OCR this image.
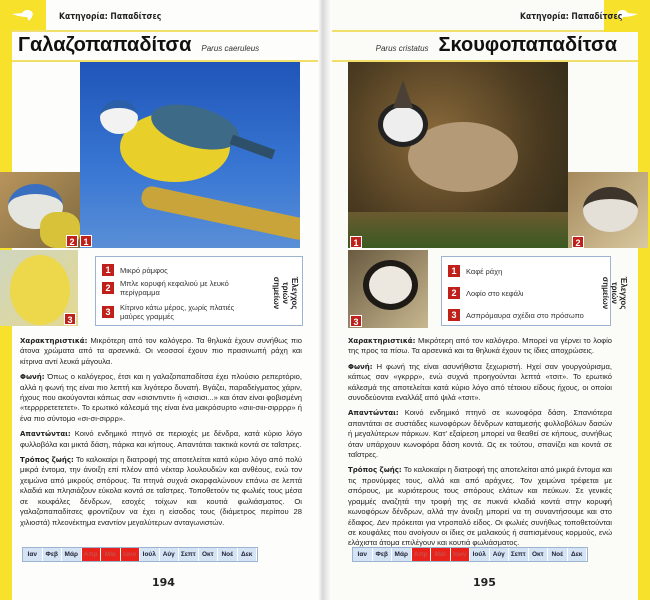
Κατηγορία: Παπαδίτσες
Γαλαζοπαπαδίτσα Parus caeruleus
2 1
3
1	Μικρό ράμφος
2	Μπλε κορυφή κεφαλιού με λευκό περίγραμμα
3	Κίτρινο κάτω μέρος, χωρίς πλατιές μαύρες γραμμές
Έλεγχος τριών σημείων

Χαρακτηριστικά: Μικρότερη από τον καλόγερο. Τα θηλυκά έχουν συνήθως πιο άτονα χρώματα από τα αρσενικά. Οι νεοσσοί έχουν πιο πρασινωπή ράχη και κίτρινα αντί λευκά μάγουλα.

Φωνή: Όπως ο καλόγερος, έτσι και η γαλαζοπαπαδίτσα έχει πλούσιο ρεπερτόριο, αλλά η φωνή της είναι πιο λεπτή και λιγότερο δυνατή. Βγάζει, παραδείγματος χάριν, ήχους που ακούγονται κάπως σαν «σισιντιντι» ή «σισισι...» και όταν είναι φοβισμένη «τερρρρετετετετ». Το ερωτικό κάλεσμά της είναι ένα μακρόσυρτο «σιιι-σιιι-σιρρρρ» ή ένα πιο σύντομο «σι-σι-σιρρρ».

Απαντώνται: Κοινό ενδημικό πτηνό σε περιοχές με δένδρα, κατά κύριο λόγο φυλλοβόλα και μικτά δάση, πάρκα και κήπους. Απαντάται τακτικά κοντά σε ταΐστρες.

Τρόπος ζωής: Το καλοκαίρι η διατροφή της αποτελείται κατά κύριο λόγο από πολύ μικρά έντομα, την άνοιξη επί πλέον από νέκταρ λουλουδιών και ανθέους, ενώ τον χειμώνα από μικρούς σπόρους. Τα πτηνά συχνά σκαρφαλώνουν επάνω σε λεπτά κλαδιά και πλησιάζουν εύκολα κοντά σε ταΐστρες. Τοποθετούν τις φωλιές τους μέσα σε κουφάλες δένδρων, εσοχές τοίχων και κουτιά φωλιάσματος. Οι γαλαζοπαπαδίτσες φροντίζουν να έχει η είσοδος τους (διάμετρος περίπου 28 χιλιοστά) πλεονέκτημα εναντίον μεγαλύτερων ανταγωνιστών.

Ιαν	Φεβ	Μάρ Απρ	Μάι	Ιουν Ιούλ	Αύγ Σεπτ Οκτ	Νοέ	Δεκ
194
Κατηγορία: Παπαδίτσες
Parus cristatus Σκουφοπαπαδίτσα
1	2
3
1	Καφέ ράχη
2	Λοφίο στο κεφάλι
3	Ασπρόμαυρα σχέδια στο πρόσωπο
Έλεγχος τριών σημείων

Χαρακτηριστικά: Μικρότερη από τον καλόγερο. Μπορεί να γέρνει το λοφίο της προς τα πίσω. Τα αρσενικά και τα θηλυκά έχουν τις ίδιες αποχρώσεις.

Φωνή: Η φωνή της είναι ασυνήθιστα ξεχωριστή. Ηχεί σαν γουργούρισμα, κάπως σαν «γκρρρ», ενώ συχνά προηγούνται λεπτά «τσιτ». Το ερωτικό κάλεσμά της αποτελείται κατά κύριο λόγο από τέτοιου είδους ήχους, οι οποίοι συνοδεύονται εναλλάξ από ψιλά «τσιτ».

Απαντώνται: Κοινό ενδημικό πτηνό σε κωνοφόρα δάση. Σπανιότερα απαντάται σε συστάδες κωνοφόρων δένδρων καταμεσής φυλλοβόλων δασών ή μεγαλύτερων πάρκων. Κατ' εξαίρεση μπορεί να θεαθεί σε κήπους, συνήθως όταν υπάρχουν κωνοφόρα δάση κοντά. Ως εκ τούτου, σπανίζει και κοντά σε ταΐστρες.

Τρόπος ζωής: Το καλοκαίρι η διατροφή της αποτελείται από μικρά έντομα και τις προνύμφες τους, αλλά και από αράχνες. Τον χειμώνα τρέφεται με σπόρους, με κυριότερους τους σπόρους ελάτων και πεύκων. Σε γενικές γραμμές αναζητά την τροφή της σε πυκνά κλαδιά κοντά στην κορυφή κωνοφόρων δένδρων, αλλά την άνοιξη μπορεί να τη συναντήσουμε και στο έδαφος. Δεν πρόκειται για ντροπαλό είδος. Οι φωλιές συνήθως τοποθετούνται σε κουφάλες που ανοίγουν οι ίδιες σε μαλακούς ή σαπισμένους κορμούς, ενώ ελάχιστα άτομα επιλέγουν και κουτιά φωλιάσματος.

Ιαν	Φεβ	Μάρ Απρ	Μάι	Ιουν Ιούλ	Αύγ Σεπτ Οκτ	Νοέ	Δεκ
195
